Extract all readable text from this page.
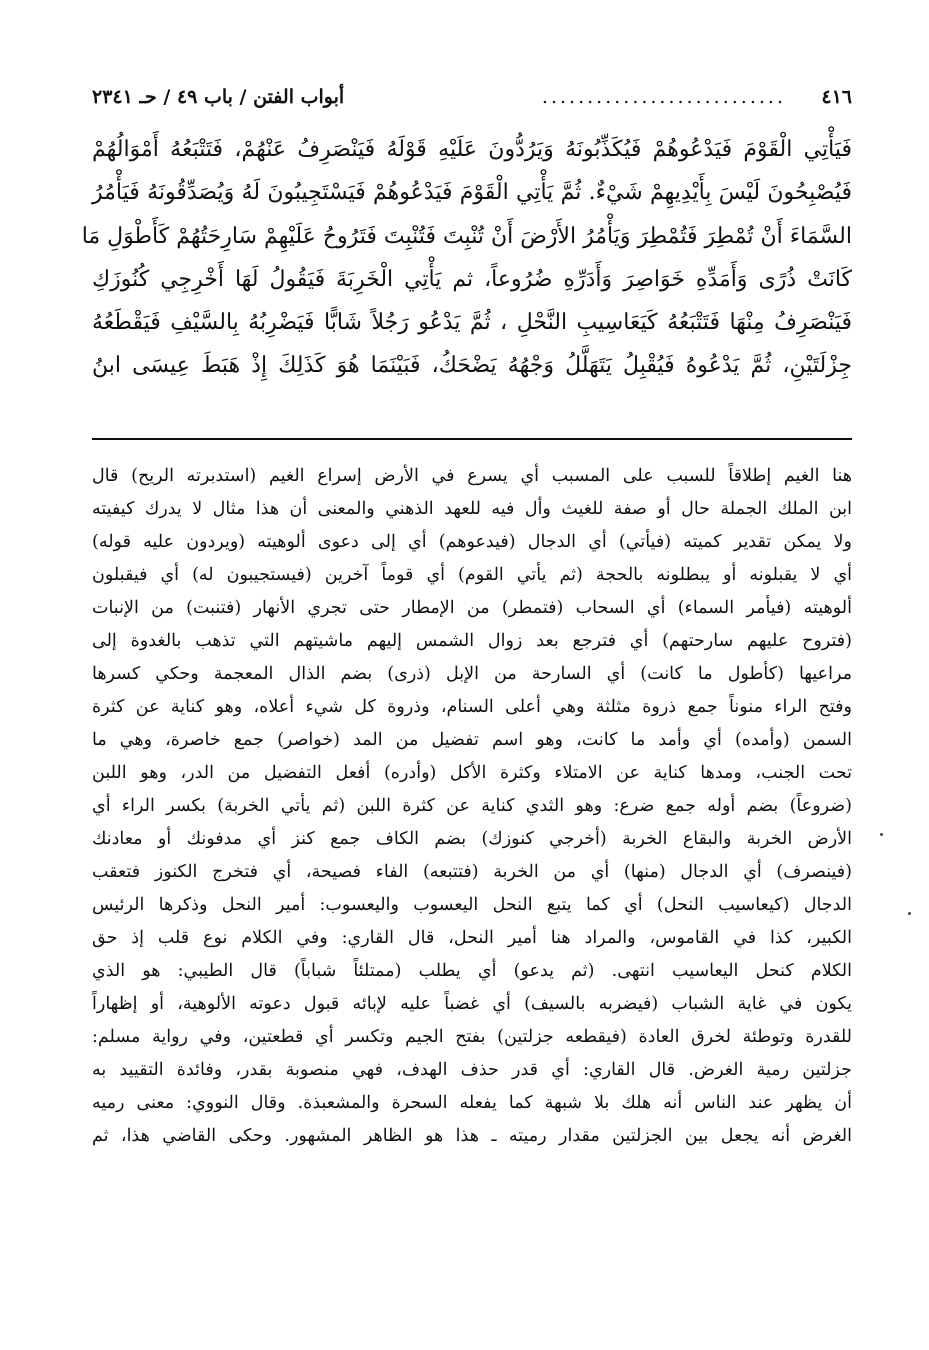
٤١٦
...........................
أبواب الفتن / باب ٤٩ / حـ ٢٣٤١

فَيَأْتِي الْقَوْمَ فَيَدْعُوهُمْ فَيُكَذِّبُونَهُ وَيَرُدُّونَ عَلَيْهِ قَوْلَهُ فَيَنْصَرِفُ عَنْهُمْ، فَتَتْبَعُهُ أَمْوَالُهُمْ

فَيُصْبِحُونَ لَيْسَ بِأَيْدِيهِمْ شَيْءٌ. ثُمَّ يَأْتِي الْقَوْمَ فَيَدْعُوهُمْ فَيَسْتَجِيبُونَ لَهُ وَيُصَدِّقُونَهُ فَيَأْمُرُ

السَّمَاءَ أَنْ تُمْطِرَ فَتُمْطِرَ وَيَأْمُرُ الأَرْضَ أَنْ تُنْبِتَ فَتُنْبِتَ فَتَرُوحُ عَلَيْهِمْ سَارِحَتُهُمْ كَأَطْوَلِ مَا

كَانَتْ ذُرًى وَأَمَدِّهِ خَوَاصِرَ وَأَدَرِّهِ ضُرُوعاً، ثم يَأْتِي الْخَرِبَةَ فَيَقُولُ لَهَا أَخْرِجِي كُنُوزَكِ

فَيَنْصَرِفُ مِنْهَا فَتَتْبَعُهُ كَيَعَاسِيبِ النَّحْلِ ، ثُمَّ يَدْعُو رَجُلاً شَابًّا فَيَضْرِبُهُ بِالسَّيْفِ فَيَقْطَعُهُ

جِزْلَتَيْنِ، ثُمَّ يَدْعُوهُ فَيُقْبِلُ يَتَهَلَّلُ وَجْهُهُ يَضْحَكُ، فَبَيْنَمَا هُوَ كَذَلِكَ إِذْ هَبَطَ عِيسَى ابنُ

هنا الغيم إطلاقاً للسبب على المسبب أي يسرع في الأرض إسراع الغيم (استدبرته الريح) قال

ابن الملك الجملة حال أو صفة للغيث وأل فيه للعهد الذهني والمعنى أن هذا مثال لا يدرك كيفيته

ولا يمكن تقدير كميته (فيأتي) أي الدجال (فيدعوهم) أي إلى دعوى ألوهيته (ويردون عليه قوله)

أي لا يقبلونه أو يبطلونه بالحجة (ثم يأتي القوم) أي قوماً آخرين (فيستجيبون له) أي فيقبلون

ألوهيته (فيأمر السماء) أي السحاب (فتمطر) من الإمطار حتى تجري الأنهار (فتنبت) من الإنبات

(فتروح عليهم سارحتهم) أي فترجع بعد زوال الشمس إليهم ماشيتهم التي تذهب بالغدوة إلى

مراعيها (كأطول ما كانت) أي السارحة من الإبل (ذرى) بضم الذال المعجمة وحكي كسرها

وفتح الراء منوناً جمع ذروة مثلثة وهي أعلى السنام، وذروة كل شيء أعلاه، وهو كناية عن كثرة

السمن (وأمده) أي وأمد ما كانت، وهو اسم تفضيل من المد (خواصر) جمع خاصرة، وهي ما

تحت الجنب، ومدها كناية عن الامتلاء وكثرة الأكل (وأدره) أفعل التفضيل من الدر، وهو اللبن

(ضروعاً) بضم أوله جمع ضرع: وهو الثدي كناية عن كثرة اللبن (ثم يأتي الخربة) بكسر الراء أي

الأرض الخربة والبقاع الخربة (أخرجي كنوزك) بضم الكاف جمع كنز أي مدفونك أو معادنك

(فينصرف) أي الدجال (منها) أي من الخربة (فتتبعه) الفاء فصيحة، أي فتخرج الكنوز فتعقب

الدجال (كيعاسيب النحل) أي كما يتبع النحل اليعسوب واليعسوب: أمير النحل وذكرها الرئيس

الكبير، كذا في القاموس، والمراد هنا أمير النحل، قال القاري: وفي الكلام نوع قلب إذ حق

الكلام كنحل اليعاسيب انتهى. (ثم يدعو) أي يطلب (ممتلئاً شباباً) قال الطيبي: هو الذي

يكون في غاية الشباب (فيضربه بالسيف) أي غضباً عليه لإبائه قبول دعوته الألوهية، أو إظهاراً

للقدرة وتوطئة لخرق العادة (فيقطعه جزلتين) بفتح الجيم وتكسر أي قطعتين، وفي رواية مسلم:

جزلتين رمية الغرض. قال القاري: أي قدر حذف الهدف، فهي منصوبة بقدر، وفائدة التقييد به

أن يظهر عند الناس أنه هلك بلا شبهة كما يفعله السحرة والمشعبذة. وقال النووي: معنى رميه

الغرض أنه يجعل بين الجزلتين مقدار رميته ـ هذا هو الظاهر المشهور. وحكى القاضي هذا، ثم
